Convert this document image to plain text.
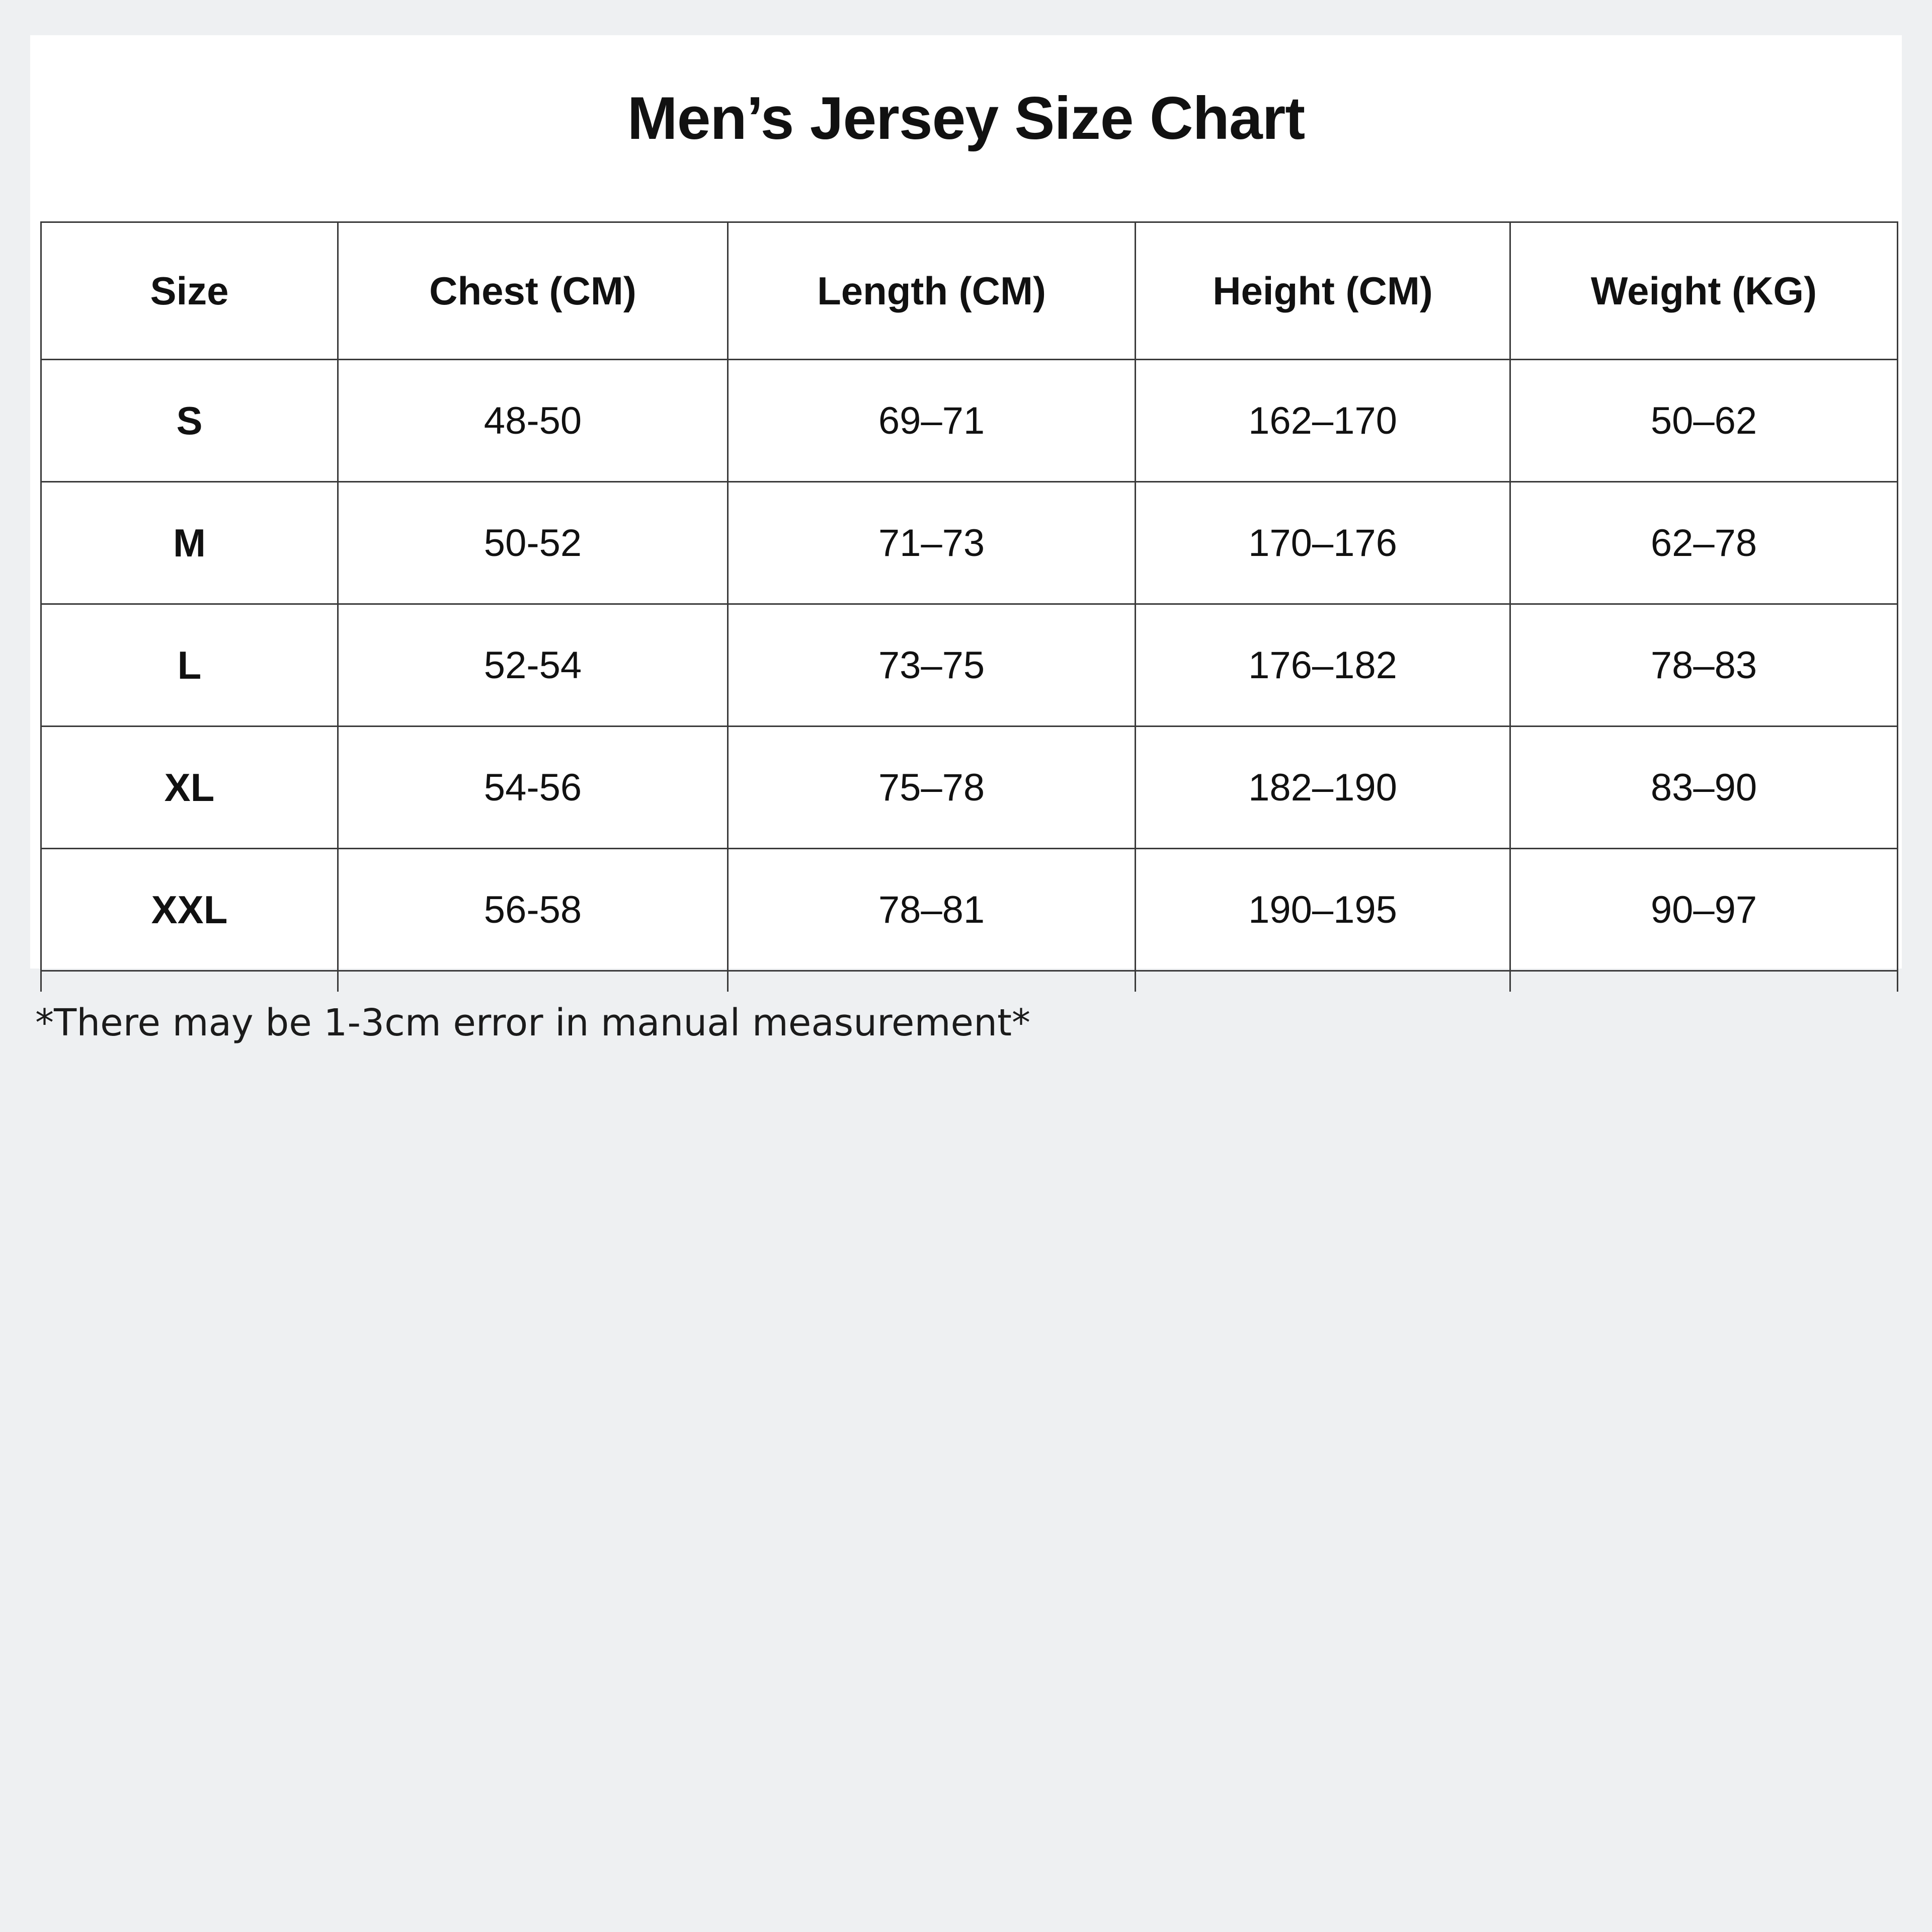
Men’s Jersey Size Chart
Size	Chest (CM)	Length (CM)	Height (CM)	Weight (KG)
S	48-50	69–71	162–170	50–62
M	50-52	71–73	170–176	62–78
L	52-54	73–75	176–182	78–83
XL	54-56	75–78	182–190	83–90
XXL	56-58	78–81	190–195	90–97

*There may be 1-3cm error in manual measurement*
